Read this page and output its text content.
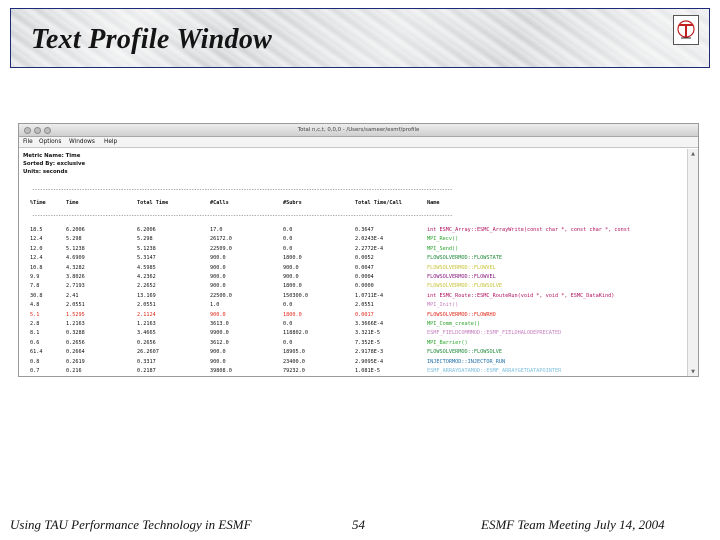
Text Profile Window
Total n,c,t, 0,0,0 - /Users/sameer/esmf/profile
File Options Windows Help

Metric Name: Time

Sorted By: exclusive

Units: seconds

-----------------------------------------------------------------------------------------------------------------------------------------------------------------

%Time	Time	Total Time	#Calls	#Subrs	Total Time/Call	Name

-----------------------------------------------------------------------------------------------------------------------------------------------------------------

18.5	6.2006	6.2006	17.0	0.0	0.3647	int ESMC_Array::ESMC_ArrayWrite(const char *, const char *, const
12.4	5.298	5.298	26172.0	0.0	2.0243E-4	MPI_Recv()
12.0	5.1238	5.1238	22509.0	0.0	2.2772E-4	MPI_Send()
12.4	4.6909	5.3147	900.0	1800.0	0.0052	FLOWSOLVERMOD::FLOWSTATE
10.8	4.3282	4.5985	900.0	900.0	0.0047	FLOWSOLVERMOD::FLOWVEL
9.9	3.8026	4.2362	900.0	900.0	0.0004	FLOWSOLVERMOD::FLOWVEL
7.8	2.7193	2.2652	900.0	1800.0	0.0000	FLOWSOLVERMOD::FLOWSOLVE
30.8	2.41	13.169	22500.0	150300.0	1.0711E-4	int ESMC_Route::ESMC_RouteRun(void *, void *, ESMC_DataKind)
4.8	2.0551	2.0551	1.0	0.0	2.0551	MPI_Init()
5.1	1.5295	2.1124	900.0	1800.0	0.0017	FLOWSOLVERMOD::FLOWRHO
2.8	1.2163	1.2163	3613.0	0.0	3.3666E-4	MPI_Comm_create()
8.1	0.3288	3.4665	9900.0	118802.0	3.321E-5	ESMF_FIELDCOMMMOD::ESMF_FIELDHALODEPRECATED
0.6	0.2656	0.2656	3612.0	0.0	7.352E-5	MPI_Barrier()
61.4	0.2664	26.2607	900.0	18905.0	2.9178E-3	FLOWSOLVERMOD::FLOWSOLVE
0.8	0.2619	0.3317	900.0	23400.0	2.9095E-4	INJECTORMOD::INJECTOR_RUN
0.7	0.216	0.2187	39808.0	79232.0	1.081E-5	ESMF_ARRAYDATAMOD::ESMF_ARRAYGETDATAPOINTER

▲
▼
Using TAU Performance Technology in ESMF	54	ESMF Team Meeting July 14, 2004
